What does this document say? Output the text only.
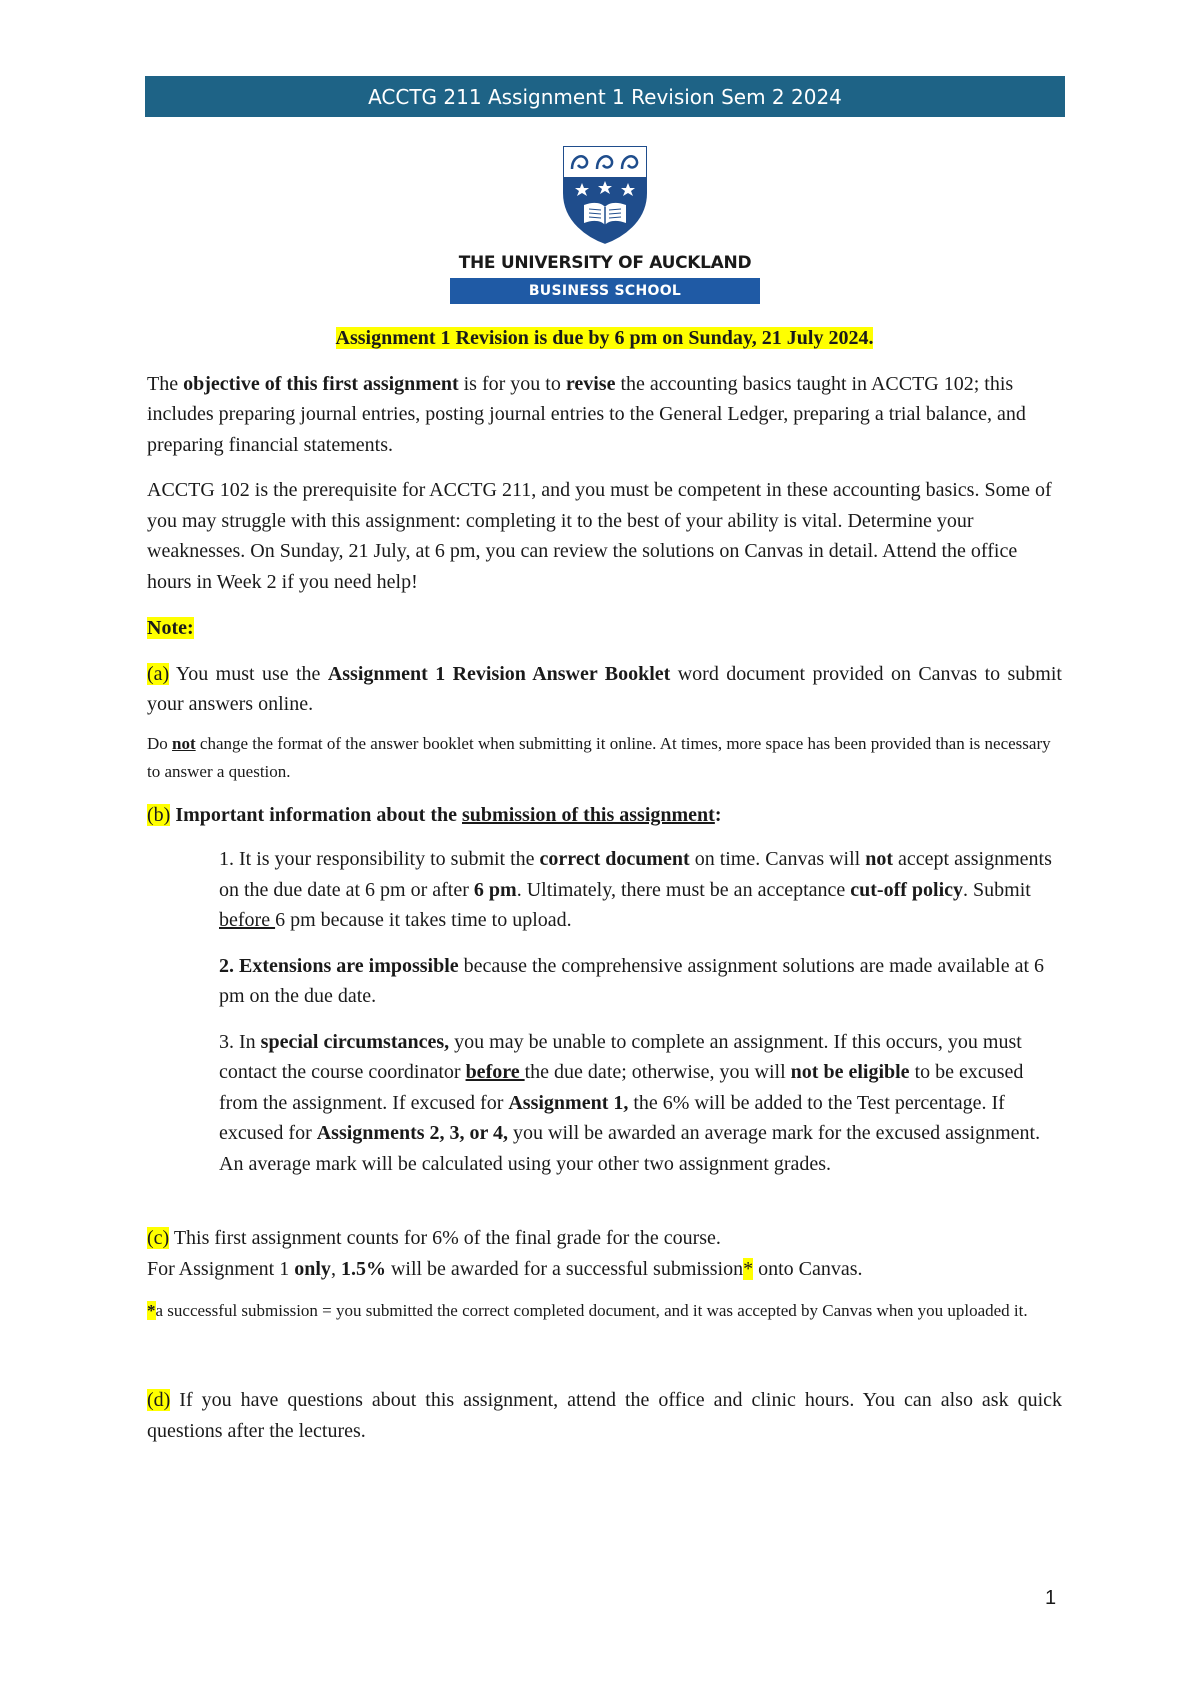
ACCTG 211 Assignment 1 Revision Sem 2 2024
THE UNIVERSITY OF AUCKLAND
BUSINESS SCHOOL

Assignment 1 Revision is due by 6 pm on Sunday, 21 July 2024.

The objective of this first assignment is for you to revise the accounting basics taught in ACCTG 102; this includes preparing journal entries, posting journal entries to the General Ledger, preparing a trial balance, and preparing financial statements.

ACCTG 102 is the prerequisite for ACCTG 211, and you must be competent in these accounting basics. Some of you may struggle with this assignment: completing it to the best of your ability is vital. Determine your weaknesses. On Sunday, 21 July, at 6 pm, you can review the solutions on Canvas in detail. Attend the office hours in Week 2 if you need help!

Note:

(a) You must use the Assignment 1 Revision Answer Booklet word document provided on Canvas to submit your answers online.

Do not change the format of the answer booklet when submitting it online. At times, more space has been provided than is necessary to answer a question.

(b) Important information about the submission of this assignment:

1. It is your responsibility to submit the correct document on time. Canvas will not accept assignments on the due date at 6 pm or after 6 pm. Ultimately, there must be an acceptance cut-off policy. Submit before 6 pm because it takes time to upload.

2. Extensions are impossible because the comprehensive assignment solutions are made available at 6 pm on the due date.

3. In special circumstances, you may be unable to complete an assignment. If this occurs, you must contact the course coordinator before the due date; otherwise, you will not be eligible to be excused from the assignment. If excused for Assignment 1, the 6% will be added to the Test percentage. If excused for Assignments 2, 3, or 4, you will be awarded an average mark for the excused assignment. An average mark will be calculated using your other two assignment grades.

(c) This first assignment counts for 6% of the final grade for the course.

For Assignment 1 only, 1.5% will be awarded for a successful submission* onto Canvas.

*a successful submission = you submitted the correct completed document, and it was accepted by Canvas when you uploaded it.

(d) If you have questions about this assignment, attend the office and clinic hours. You can also ask quick questions after the lectures.

1
